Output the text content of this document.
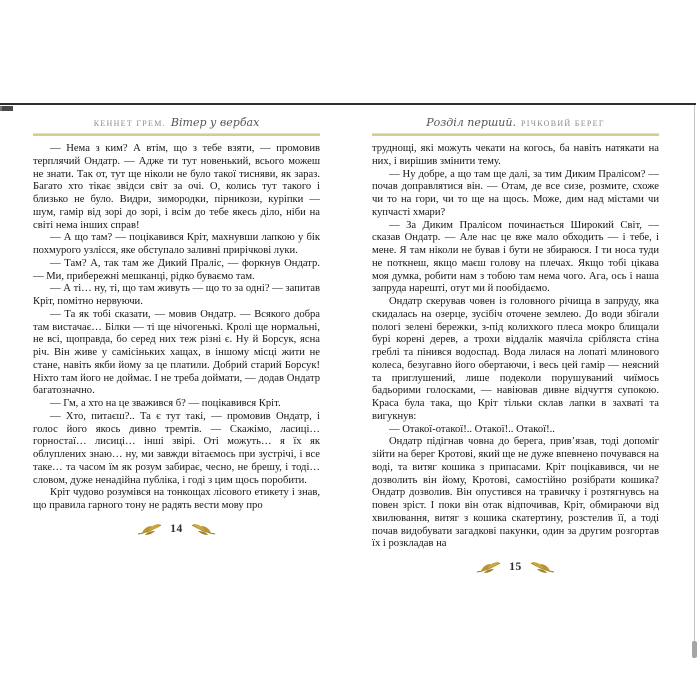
КЕННЕТ ГРЕМ. Вітер у вербах

— Нема з ким? А втім, що з тебе взяти, — промовив терплячий Ондатр. — Адже ти тут новенький, всього можеш не знати. Так от, тут ще ніколи не було такої тисняви, як зараз. Багато хто тікає звідси світ за очі. О, колись тут такого і близько не було. Видри, зимородки, пірникози, куріпки — шум, гамір від зорі до зорі, і всім до тебе якесь діло, ніби на світі нема інших справ!

— А що там? — поцікавився Кріт, махнувши лапкою у бік похмурого узлісся, яке обступало заливні прирічкові луки.

— Там? А, так там же Дикий Праліс, — форкнув Ондатр. — Ми, прибережні мешканці, рідко буваємо там.

— А ті… ну, ті, що там живуть — що то за одні? — запитав Кріт, помітно нервуючи.

— Та як тобі сказати, — мовив Ондатр. — Всякого добра там вистачає… Білки — ті ще нічогенькі. Кролі ще нормальні, не всі, щоправда, бо серед них теж різні є. Ну й Борсук, ясна річ. Він живе у самісіньких хащах, в іншому місці жити не стане, навіть якби йому за це платили. Добрий старий Борсук! Ніхто там його не доймає. І не треба доймати, — додав Ондатр багатозначно.

— Гм, а хто на це зважився б? — поцікавився Кріт.

— Хто, питаєш?.. Та є тут такі, — промовив Ондатр, і голос його якось дивно тремтів. — Скажімо, ласиці… горностаї… лисиці… інші звірі. Оті можуть… я їх як облуплених знаю… ну, ми завжди вітаємось при зустрічі, і все таке… та часом їм як розум забирає, чесно, не брешу, і тоді… словом, дуже ненадійна публіка, і годі з цим щось поробити.

Кріт чудово розумівся на тонкощах лісового етикету і знав, що правила гарного тону не радять вести мову про

14
Розділ перший. РІЧКОВИЙ БЕРЕГ

труднощі, які можуть чекати на когось, ба навіть натякати на них, і вирішив змінити тему.

— Ну добре, а що там ще далі, за тим Диким Пралісом? — почав доправлятися він. — Отам, де все сизе, розмите, схоже чи то на гори, чи то ще на щось. Може, дим над містами чи купчасті хмари?

— За Диким Пралісом починається Широкий Світ, — сказав Ондатр. — Але нас це вже мало обходить — і тебе, і мене. Я там ніколи не бував і бути не збираюся. І ти носа туди не поткнеш, якщо маєш голову на плечах. Якщо тобі цікава моя думка, робити нам з тобою там нема чого. Ага, ось і наша запруда нарешті, отут ми й пообідаємо.

Ондатр скерував човен із головного річища в запруду, яка скидалась на озерце, зусібіч оточене землею. До води збігали пологі зелені бережки, з-під колихкого плеса мокро блищали бурі корені дерев, а трохи віддалік маячіла срібляста стіна греблі та пінився водоспад. Вода лилася на лопаті млинового колеса, безугавно його обертаючи, і весь цей гамір — неясний та приглушений, лише подеколи порушуваний чиїмось бадьорими голосками, — навіював дивне відчуття супокою. Краса була така, що Кріт тільки склав лапки в захваті та вигукнув:

— Отакої-отакої!.. Отакої!.. Отакої!..

Ондатр підігнав човна до берега, прив’язав, тоді допоміг зійти на берег Кротові, який ще не дуже впевнено почувався на воді, та витяг кошика з припасами. Кріт поцікавився, чи не дозволить він йому, Кротові, самостійно розібрати кошика? Ондатр дозволив. Він опустився на травичку і розтягнувсь на повен зріст. І поки він отак відпочивав, Кріт, обмираючи від хвилювання, витяг з кошика скатертину, розстелив її, а тоді почав видобувати загадкові пакунки, один за другим розгортав їх і розкладав на

15
